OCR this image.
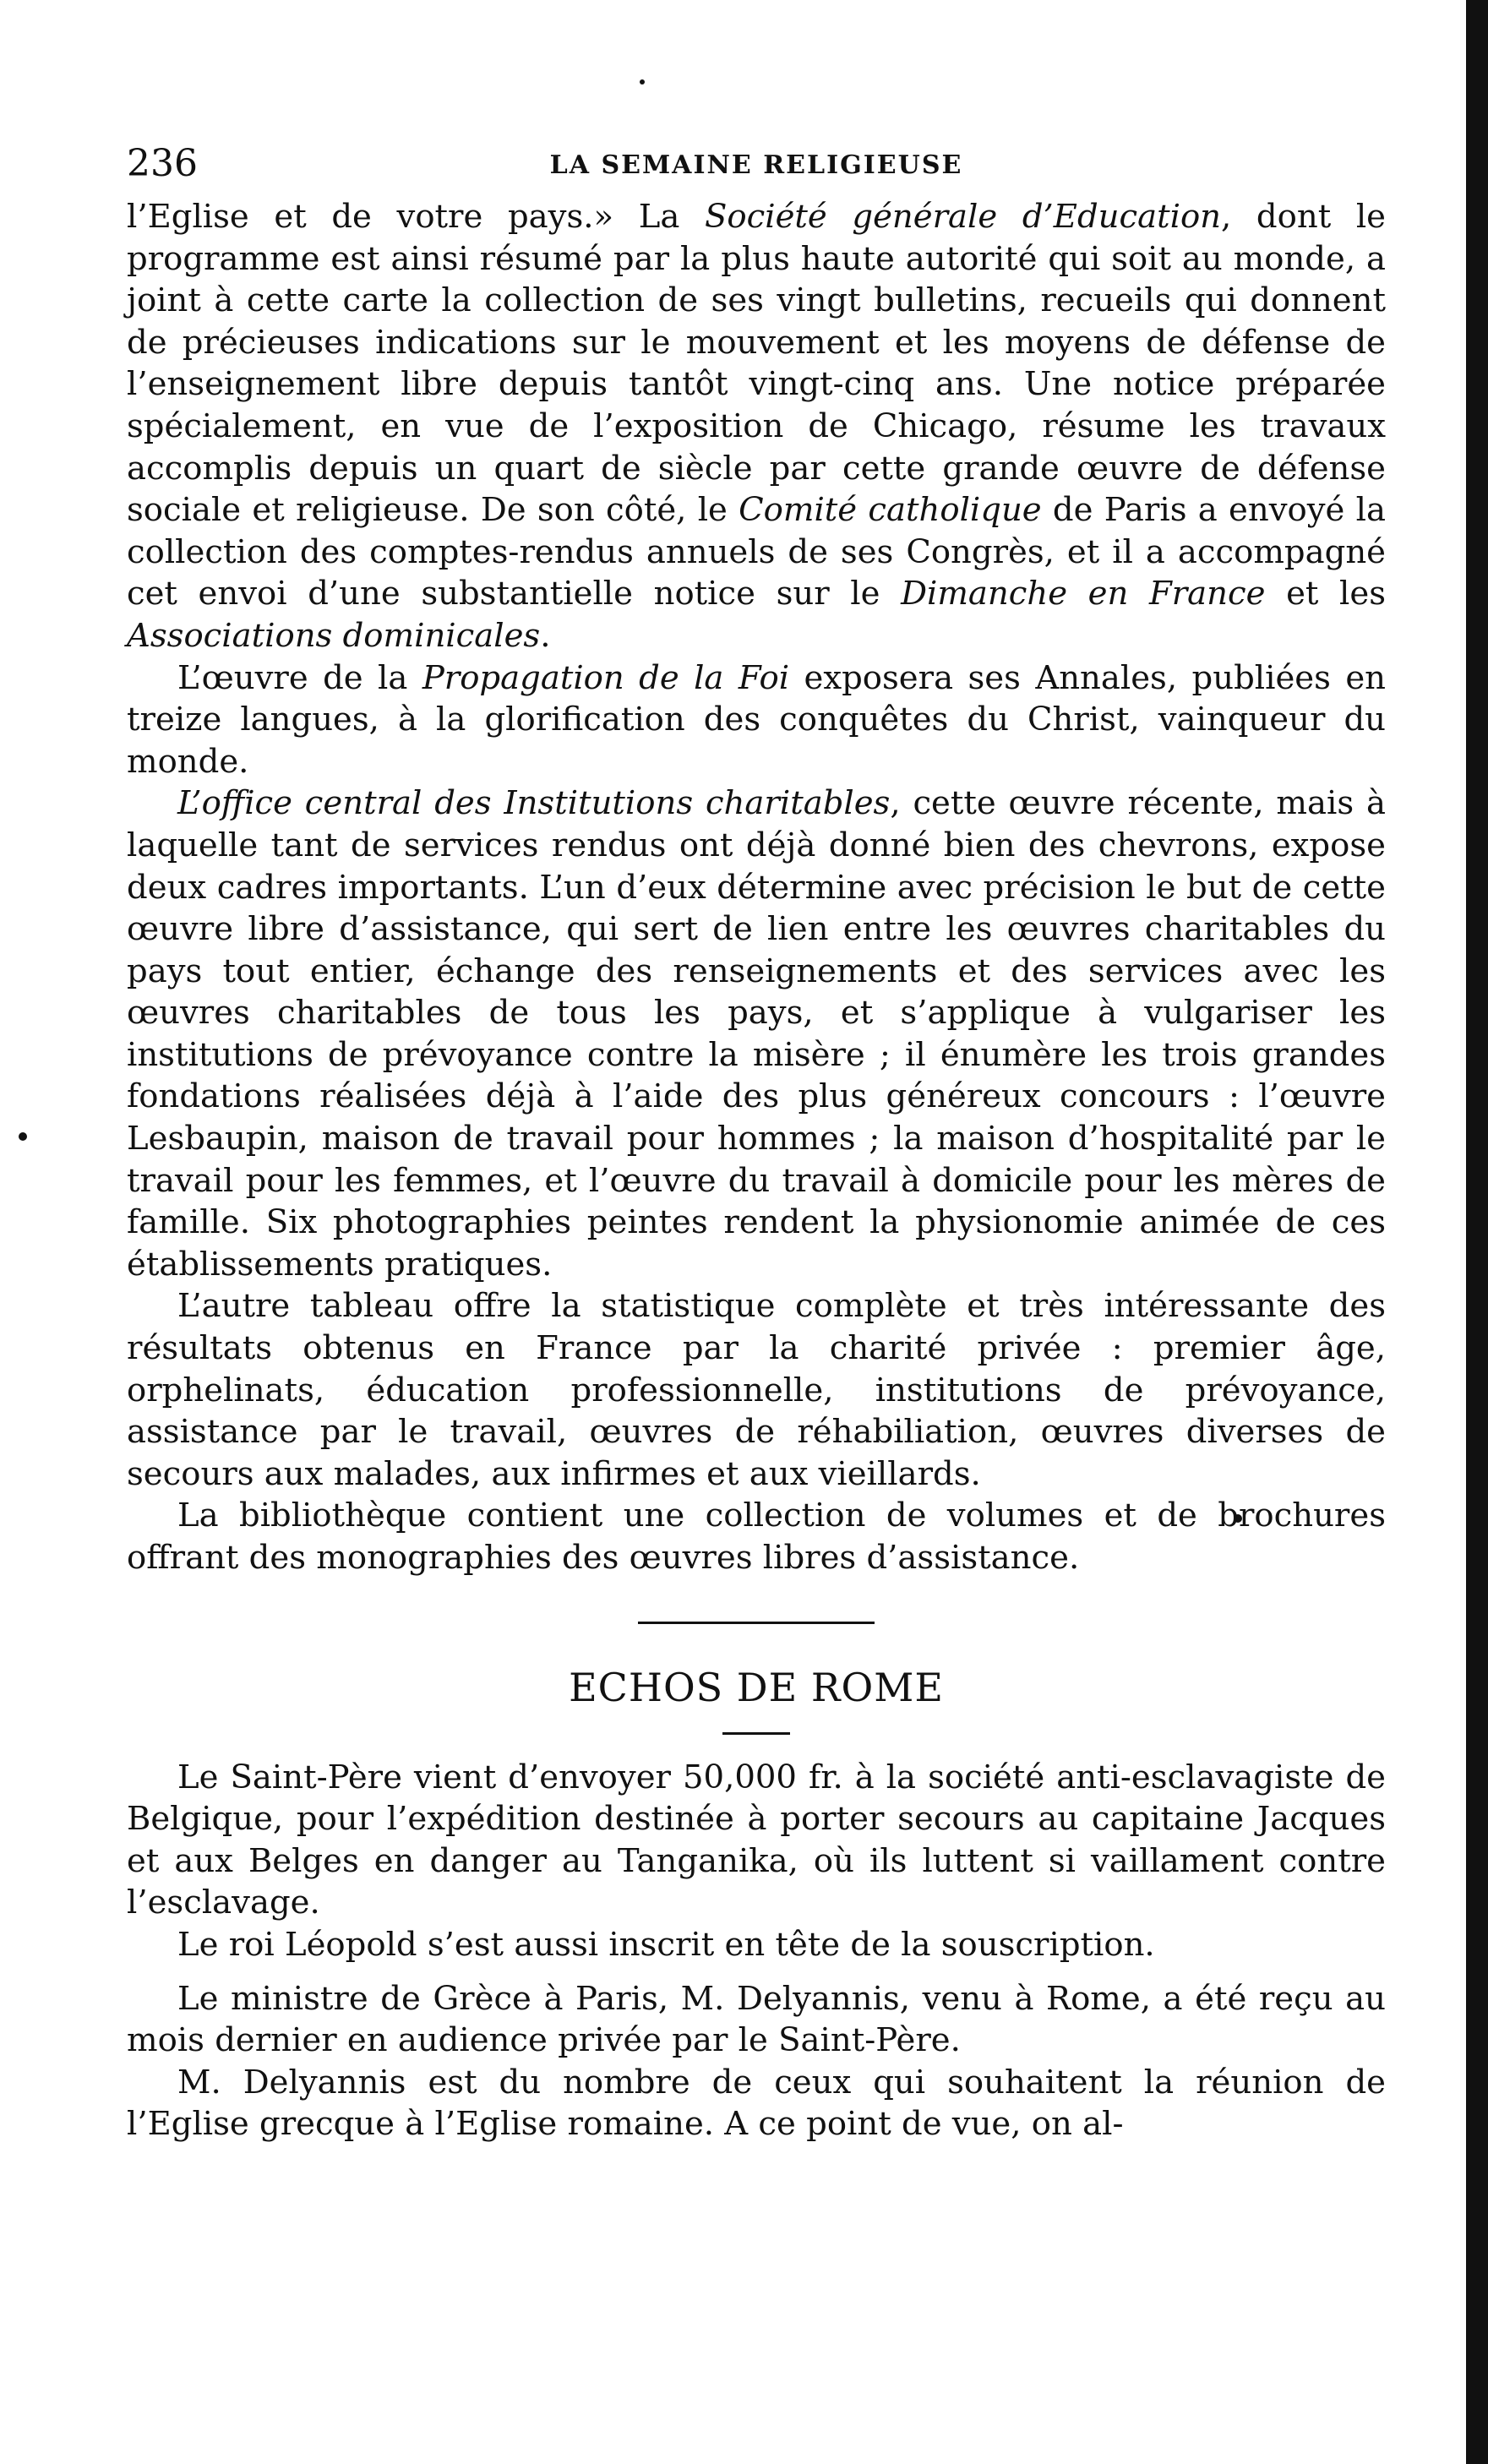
236	LA SEMAINE RELIGIEUSE

l’Eglise et de votre pays.» La Société générale d’Education, dont le programme est ainsi résumé par la plus haute autorité qui soit au monde, a joint à cette carte la collection de ses vingt bulletins, recueils qui donnent de précieuses indications sur le mouvement et les moyens de défense de l’enseignement libre depuis tantôt vingt-cinq ans. Une notice préparée spécialement, en vue de l’exposition de Chicago, résume les travaux accomplis depuis un quart de siècle par cette grande œuvre de défense sociale et religieuse. De son côté, le Comité catholique de Paris a envoyé la collection des comptes-rendus annuels de ses Congrès, et il a accompagné cet envoi d’une substantielle notice sur le Dimanche en France et les Associations dominicales.

L’œuvre de la Propagation de la Foi exposera ses Annales, publiées en treize langues, à la glorification des conquêtes du Christ, vainqueur du monde.

L’office central des Institutions charitables, cette œuvre récente, mais à laquelle tant de services rendus ont déjà donné bien des chevrons, expose deux cadres importants. L’un d’eux détermine avec précision le but de cette œuvre libre d’assistance, qui sert de lien entre les œuvres charitables du pays tout entier, échange des renseignements et des services avec les œuvres charitables de tous les pays, et s’applique à vulgariser les institutions de prévoyance contre la misère ; il énumère les trois grandes fondations réalisées déjà à l’aide des plus généreux concours : l’œuvre Lesbaupin, maison de travail pour hommes ; la maison d’hospitalité par le travail pour les femmes, et l’œuvre du travail à domicile pour les mères de famille. Six photographies peintes rendent la physionomie animée de ces établissements pratiques.

L’autre tableau offre la statistique complète et très intéressante des résultats obtenus en France par la charité privée : premier âge, orphelinats, éducation professionnelle, institutions de prévoyance, assistance par le travail, œuvres de réhabiliation, œuvres diverses de secours aux malades, aux infirmes et aux vieillards.

La bibliothèque contient une collection de volumes et de brochures offrant des monographies des œuvres libres d’assistance.

ECHOS DE ROME

Le Saint-Père vient d’envoyer 50,000 fr. à la société anti-esclavagiste de Belgique, pour l’expédition destinée à porter secours au capitaine Jacques et aux Belges en danger au Tanganika, où ils luttent si vaillament contre l’esclavage.

Le roi Léopold s’est aussi inscrit en tête de la souscription.

Le ministre de Grèce à Paris, M. Delyannis, venu à Rome, a été reçu au mois dernier en audience privée par le Saint-Père.

M. Delyannis est du nombre de ceux qui souhaitent la réunion de l’Eglise grecque à l’Eglise romaine. A ce point de vue, on al-
